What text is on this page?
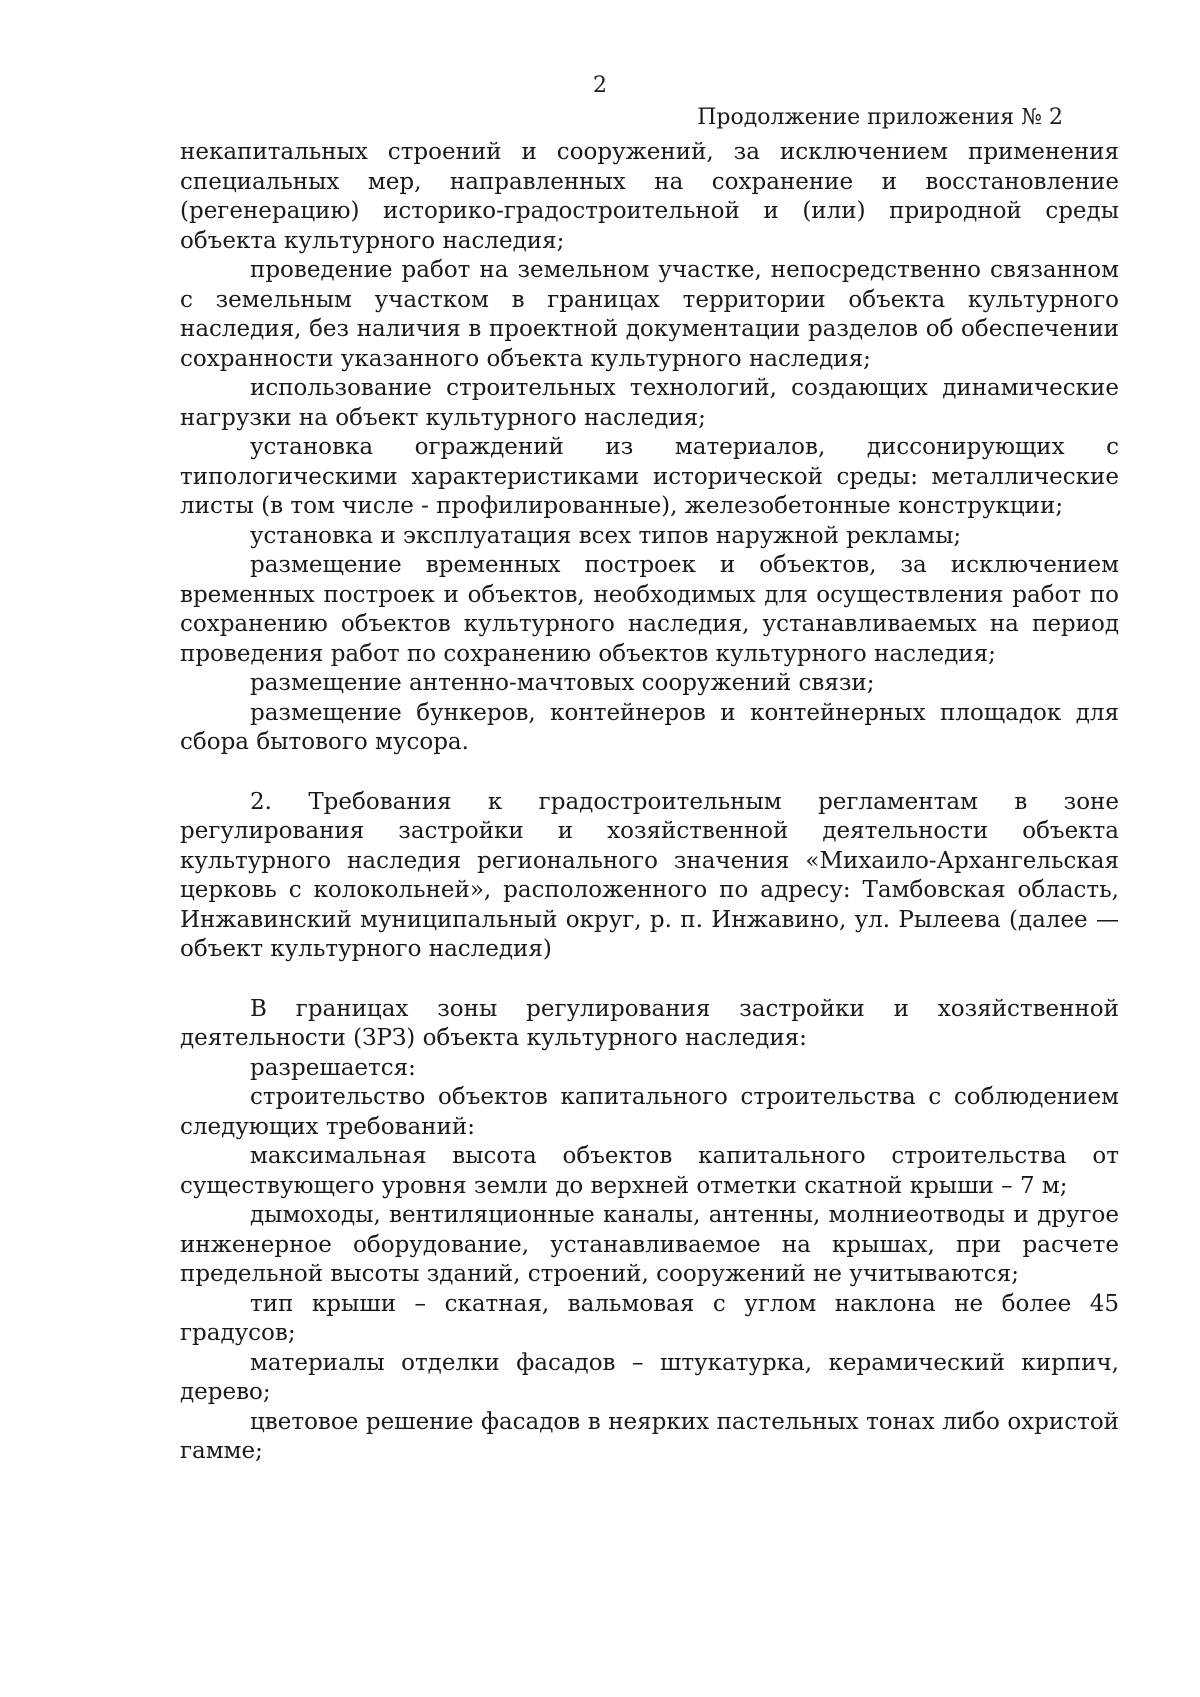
2
Продолжение приложения № 2

некапитальных строений и сооружений, за исключением применения специальных мер, направленных на сохранение и восстановление (регенерацию) историко-градостроительной и (или) природной среды объекта культурного наследия;

проведение работ на земельном участке, непосредственно связанном с земельным участком в границах территории объекта культурного наследия, без наличия в проектной документации разделов об обеспечении сохранности указанного объекта культурного наследия;

использование строительных технологий, создающих динамические нагрузки на объект культурного наследия;

установка ограждений из материалов, диссонирующих с типологическими характеристиками исторической среды: металлические листы (в том числе - профилированные), железобетонные конструкции;

установка и эксплуатация всех типов наружной рекламы;

размещение временных построек и объектов, за исключением временных построек и объектов, необходимых для осуществления работ по сохранению объектов культурного наследия, устанавливаемых на период проведения работ по сохранению объектов культурного наследия;

размещение антенно-мачтовых сооружений связи;

размещение бункеров, контейнеров и контейнерных площадок для сбора бытового мусора.

2. Требования к градостроительным регламентам в зоне регулирования застройки и хозяйственной деятельности объекта культурного наследия регионального значения «Михаило-Архангельская церковь с колокольней», расположенного по адресу: Тамбовская область, Инжавинский муниципальный округ, р. п. Инжавино, ул. Рылеева (далее — объект культурного наследия)

В границах зоны регулирования застройки и хозяйственной деятельности (ЗРЗ) объекта культурного наследия:

разрешается:

строительство объектов капитального строительства с соблюдением следующих требований:

максимальная высота объектов капитального строительства от существующего уровня земли до верхней отметки скатной крыши – 7 м;

дымоходы, вентиляционные каналы, антенны, молниеотводы и другое инженерное оборудование, устанавливаемое на крышах, при расчете предельной высоты зданий, строений, сооружений не учитываются;

тип крыши – скатная, вальмовая с углом наклона не более 45 градусов;

материалы отделки фасадов – штукатурка, керамический кирпич, дерево;

цветовое решение фасадов в неярких пастельных тонах либо охристой гамме;
